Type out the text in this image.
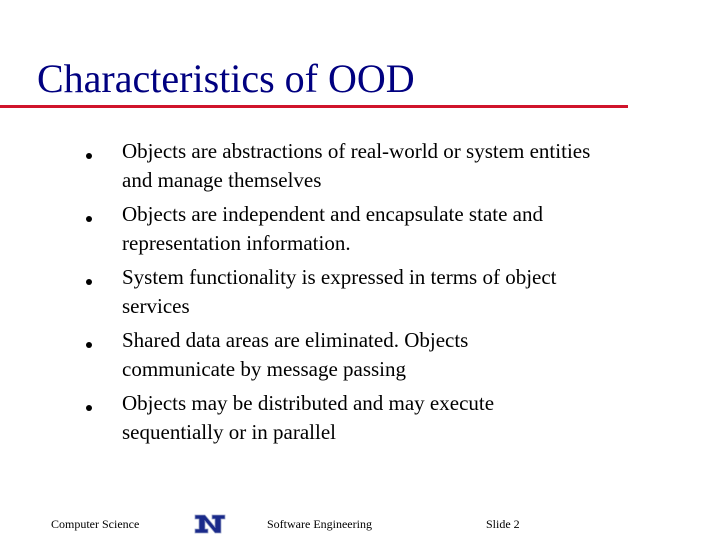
Characteristics of OOD
Objects are abstractions of real-world or system entities
and manage themselves
Objects are independent and encapsulate state and
representation information.
System functionality is expressed in terms of object
services
Shared data areas are eliminated. Objects
communicate by message passing
Objects may be distributed and may execute
sequentially or in parallel
Computer Science	Software Engineering	Slide 2
